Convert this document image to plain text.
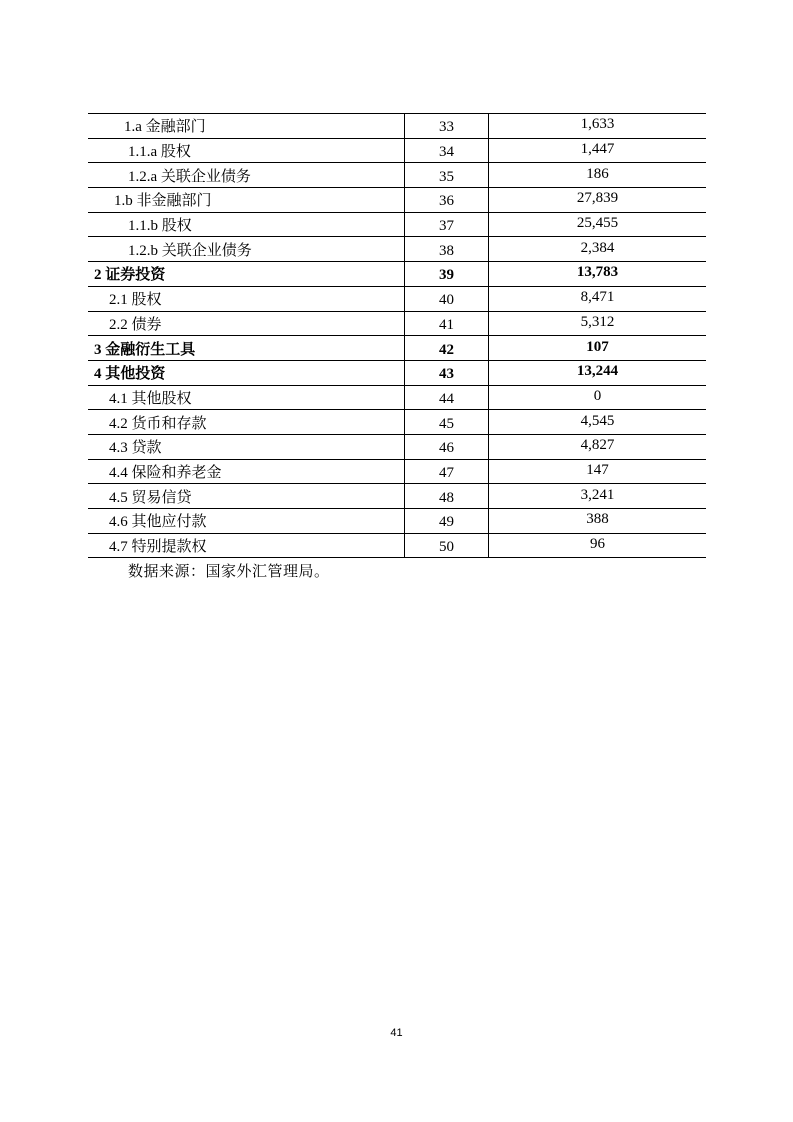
1.a 金融部门	33	1,633
1.1.a 股权	34	1,447
1.2.a 关联企业债务	35	186
1.b 非金融部门	36	27,839
1.1.b 股权	37	25,455
1.2.b 关联企业债务	38	2,384
2 证券投资	39	13,783
2.1 股权	40	8,471
2.2 债券	41	5,312
3 金融衍生工具	42	107
4 其他投资	43	13,244
4.1 其他股权	44	0
4.2 货币和存款	45	4,545
4.3 贷款	46	4,827
4.4 保险和养老金	47	147
4.5 贸易信贷	48	3,241
4.6 其他应付款	49	388
4.7 特别提款权	50	96
数据来源：国家外汇管理局。
41
